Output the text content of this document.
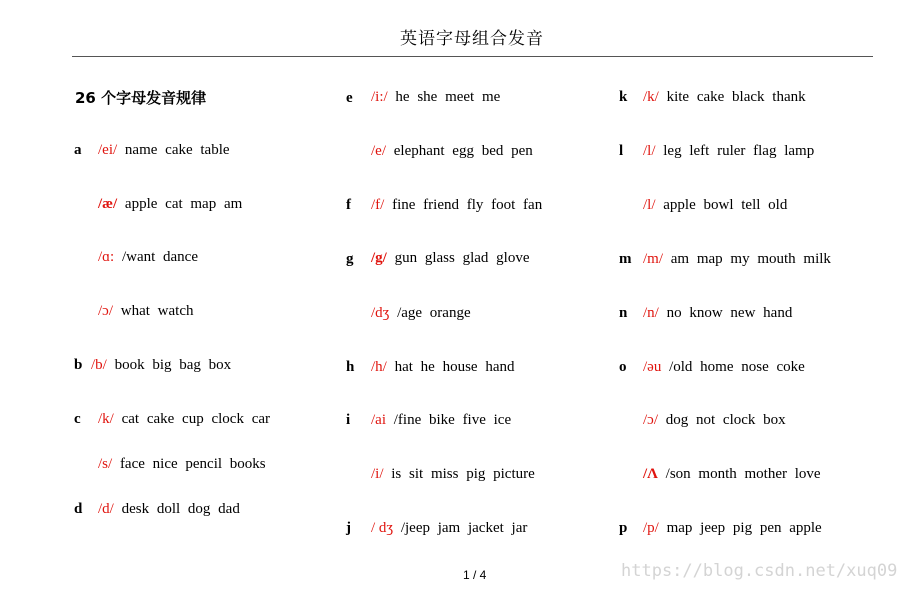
英语字母组合发音
26 个字母发音规律
a /ei/ name cake table
/æ/ apple cat map am
/ɑ: /want dance
/ɔ/ what watch
b /b/ book big bag box
c /k/ cat cake cup clock car
/s/ face nice pencil books
d /d/ desk doll dog dad
e /i:/ he she meet me
/e/ elephant egg bed pen
f /f/ fine friend fly foot fan
g /g/ gun glass glad glove
/dʒ /age orange
h /h/ hat he house hand
i /ai /fine bike five ice
/i/ is sit miss pig picture
j / dʒ /jeep jam jacket jar
k /k/ kite cake black thank
l /l/ leg left ruler flag lamp
/l/ apple bowl tell old
m /m/ am map my mouth milk
n /n/ no know new hand
o /əu /old home nose coke
/ɔ/ dog not clock box
/Λ /son month mother love
p /p/ map jeep pig pen apple
1 / 4	https://blog.csdn.net/xuq09
